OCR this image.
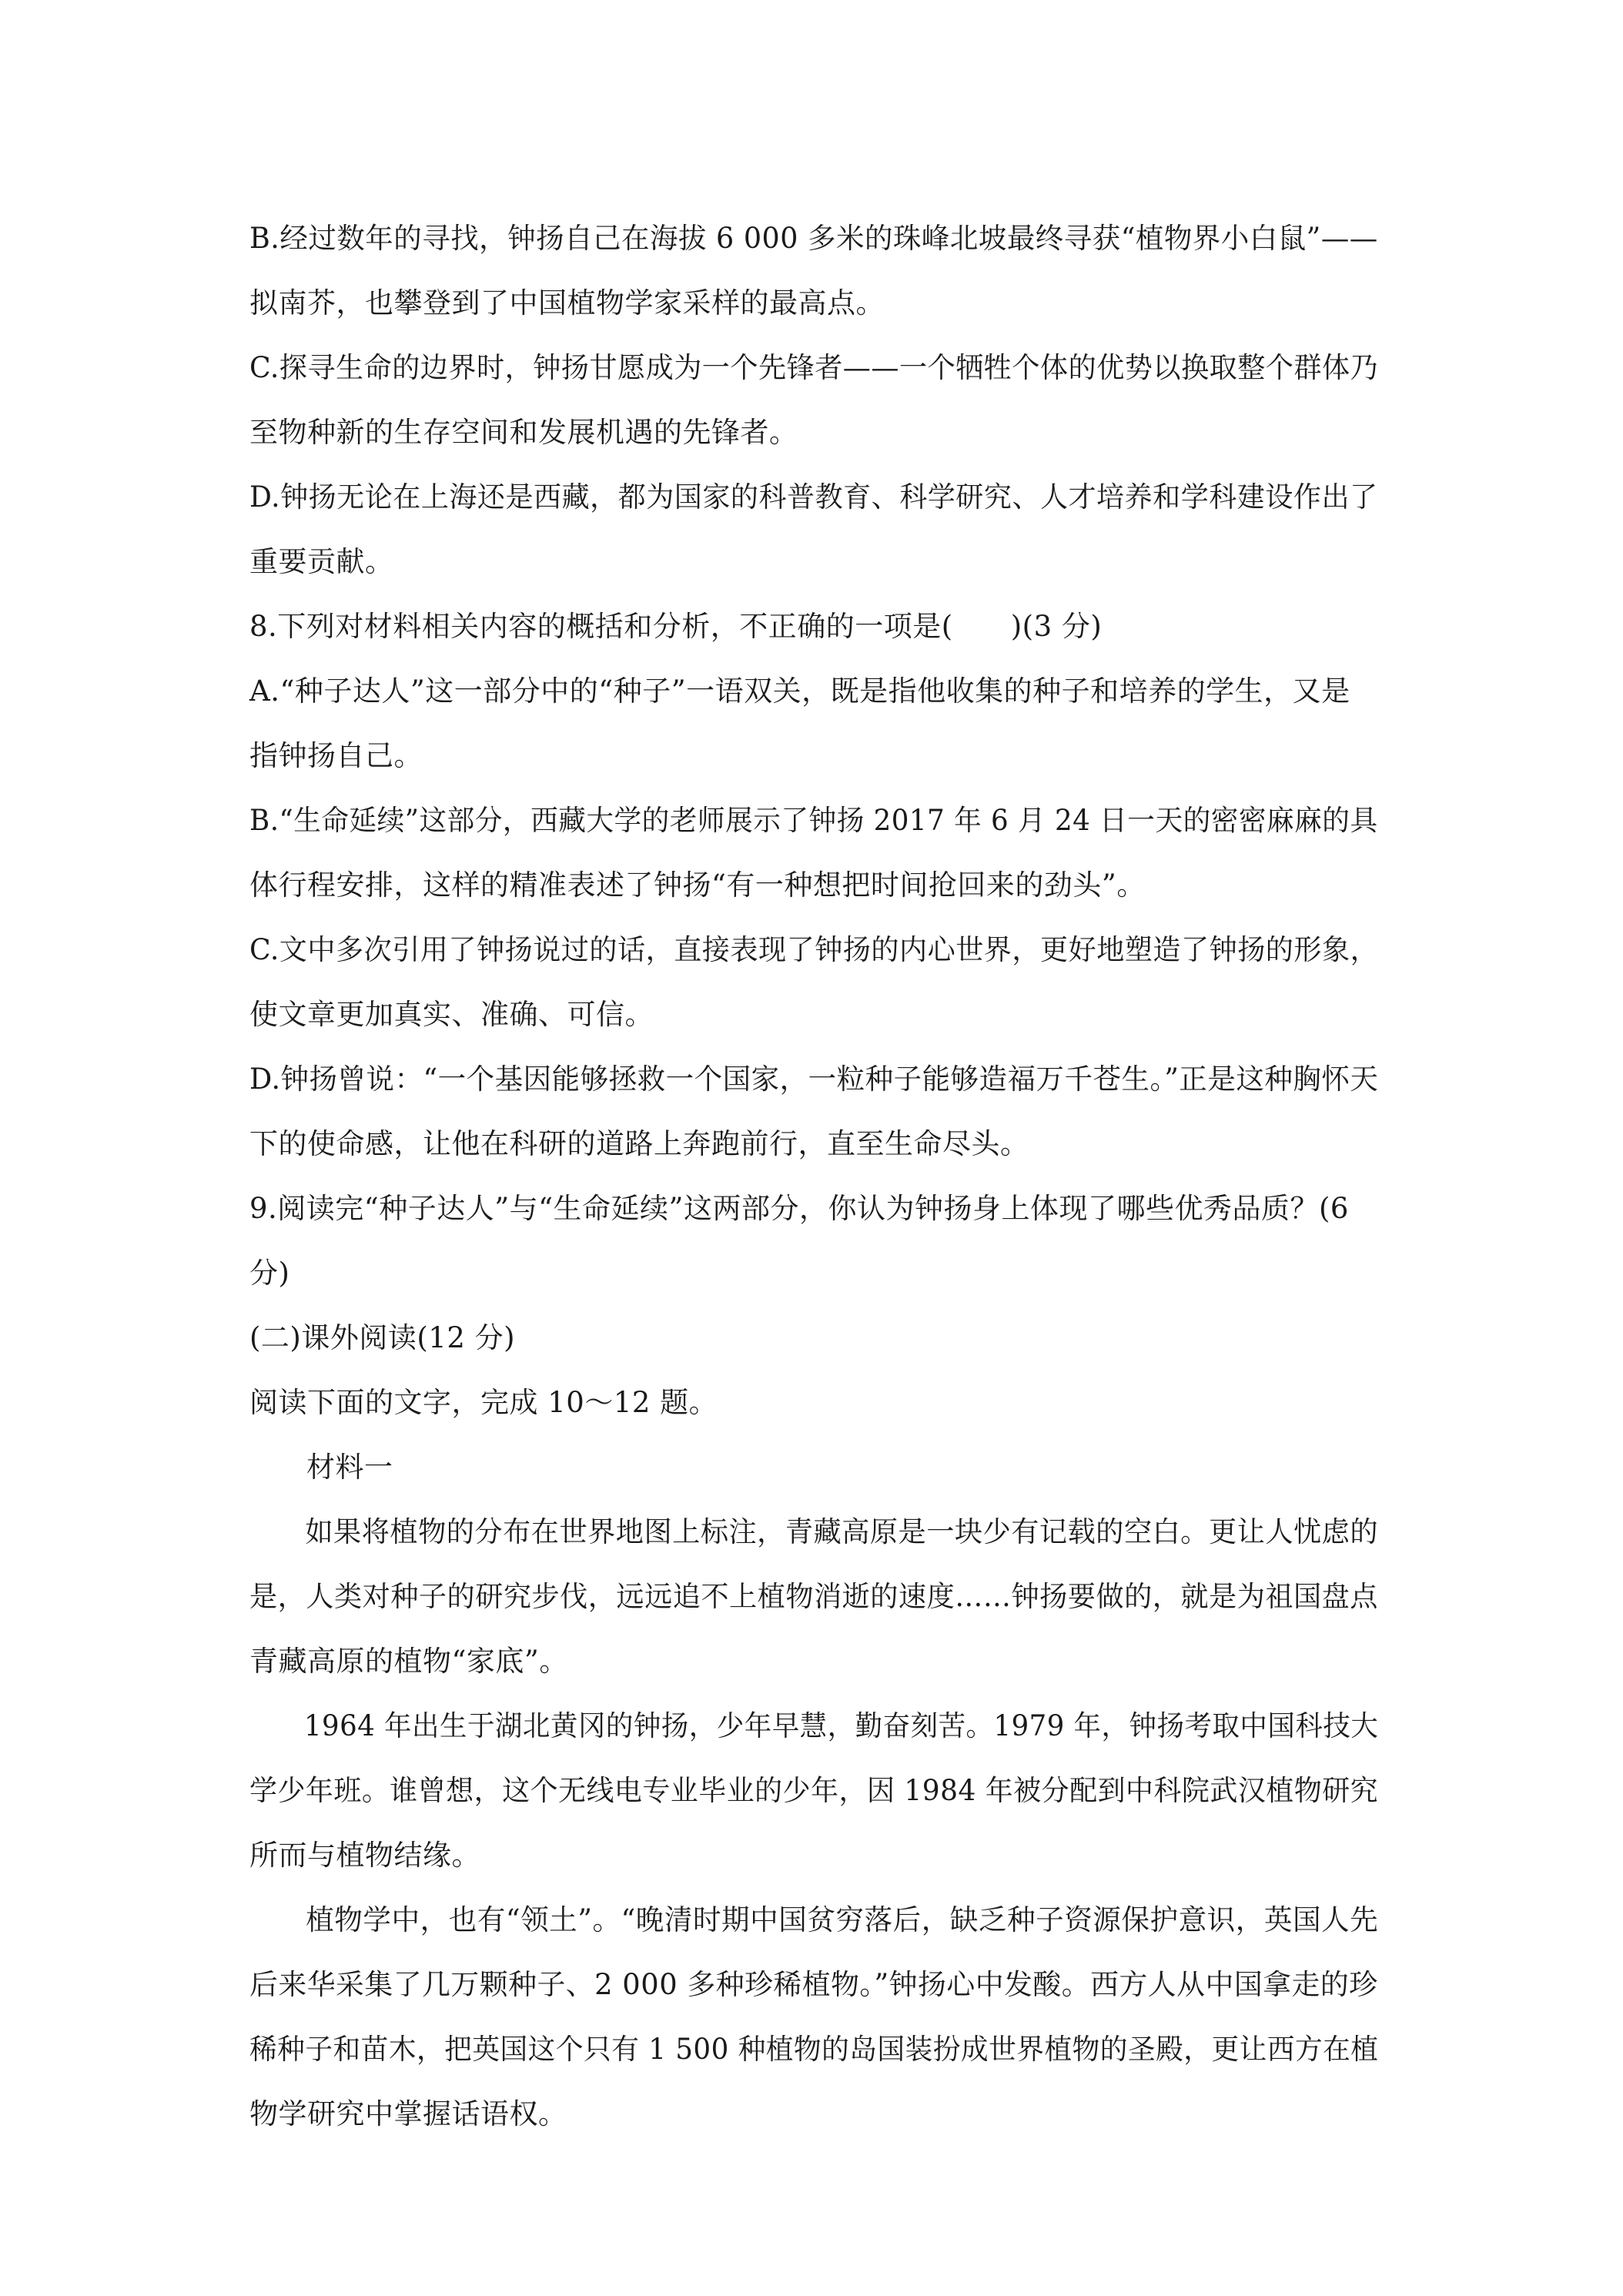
B.经过数年的寻找，钟扬自己在海拔 6 000 多米的珠峰北坡最终寻获“植物界小白鼠”——
拟南芥，也攀登到了中国植物学家采样的最高点。
C.探寻生命的边界时，钟扬甘愿成为一个先锋者——一个牺牲个体的优势以换取整个群体乃
至物种新的生存空间和发展机遇的先锋者。
D.钟扬无论在上海还是西藏，都为国家的科普教育、科学研究、人才培养和学科建设作出了
重要贡献。
8.下列对材料相关内容的概括和分析，不正确的一项是(　　)(3 分)
A.“种子达人”这一部分中的“种子”一语双关，既是指他收集的种子和培养的学生，又是
指钟扬自己。
B.“生命延续”这部分，西藏大学的老师展示了钟扬 2017 年 6 月 24 日一天的密密麻麻的具
体行程安排，这样的精准表述了钟扬“有一种想把时间抢回来的劲头”。
C.文中多次引用了钟扬说过的话，直接表现了钟扬的内心世界，更好地塑造了钟扬的形象，
使文章更加真实、准确、可信。
D.钟扬曾说：“一个基因能够拯救一个国家，一粒种子能够造福万千苍生。”正是这种胸怀天
下的使命感，让他在科研的道路上奔跑前行，直至生命尽头。
9.阅读完“种子达人”与“生命延续”这两部分，你认为钟扬身上体现了哪些优秀品质？(6
分)
(二)课外阅读(12 分)
阅读下面的文字，完成 10～12 题。
材料一
如果将植物的分布在世界地图上标注，青藏高原是一块少有记载的空白。更让人忧虑的
是，人类对种子的研究步伐，远远追不上植物消逝的速度……钟扬要做的，就是为祖国盘点
青藏高原的植物“家底”。
1964 年出生于湖北黄冈的钟扬，少年早慧，勤奋刻苦。1979 年，钟扬考取中国科技大
学少年班。谁曾想，这个无线电专业毕业的少年，因 1984 年被分配到中科院武汉植物研究
所而与植物结缘。
植物学中，也有“领土”。“晚清时期中国贫穷落后，缺乏种子资源保护意识，英国人先
后来华采集了几万颗种子、2 000 多种珍稀植物。”钟扬心中发酸。西方人从中国拿走的珍
稀种子和苗木，把英国这个只有 1 500 种植物的岛国装扮成世界植物的圣殿，更让西方在植
物学研究中掌握话语权。
